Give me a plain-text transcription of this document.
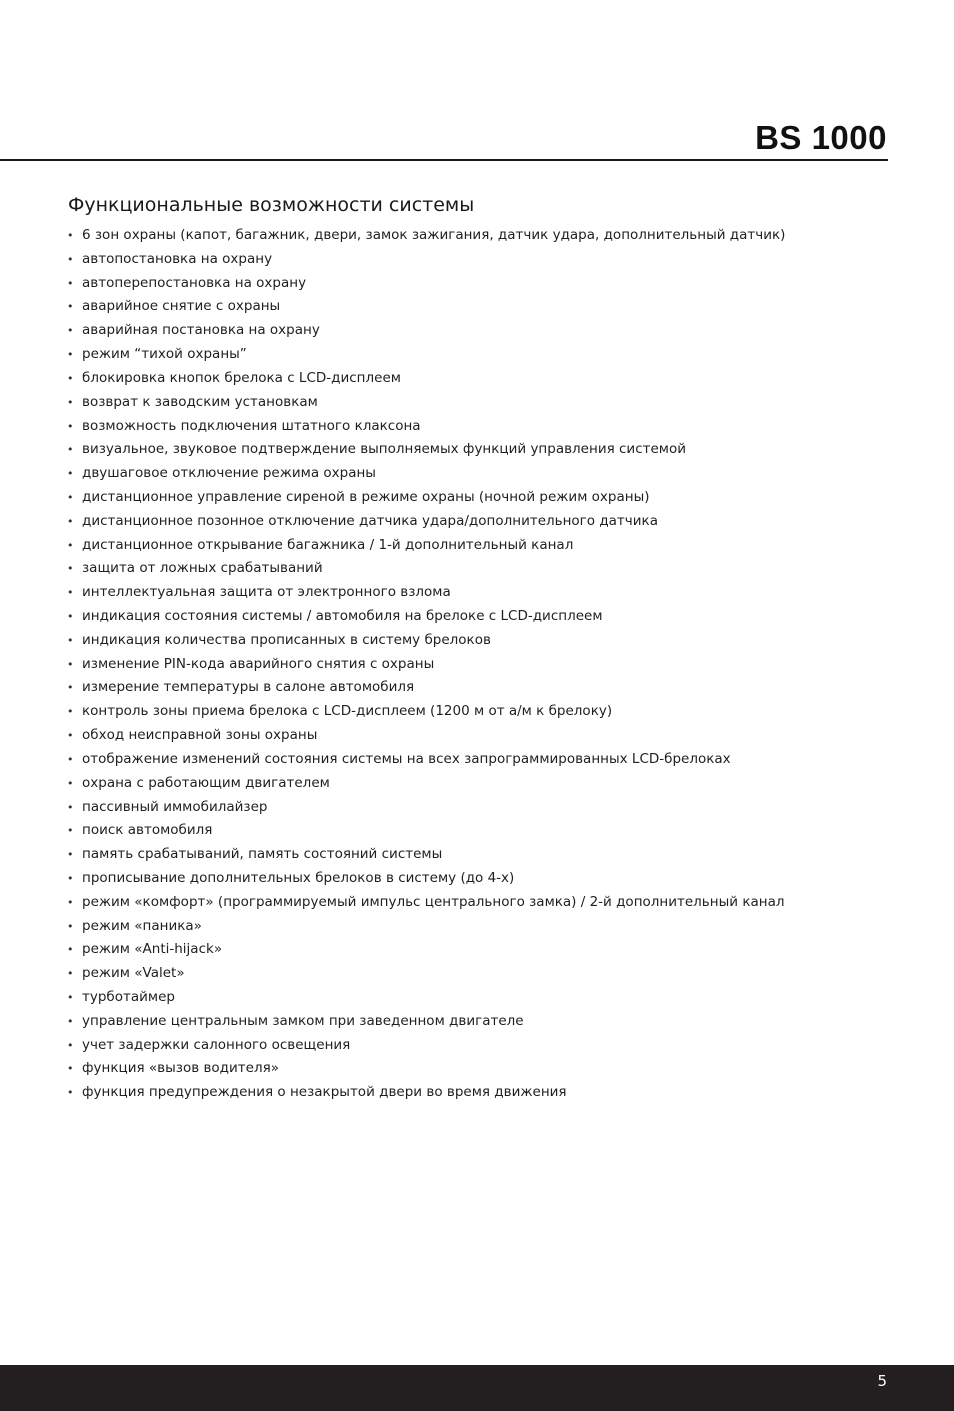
BS 1000
Функциональные возможности системы
• 6 зон охраны (капот, багажник, двери, замок зажигания, датчик удара, дополнительный датчик)
• автопостановка на охрану
• автоперепостановка на охрану
• аварийное снятие с охраны
• аварийная постановка на охрану
• режим “тихой охраны”
• блокировка кнопок брелока с LCD-дисплеем
• возврат к заводским установкам
• возможность подключения штатного клаксона
• визуальное, звуковое подтверждение выполняемых функций управления системой
• двушаговое отключение режима охраны
• дистанционное управление сиреной в режиме охраны (ночной режим охраны)
• дистанционное позонное отключение датчика удара/дополнительного датчика
• дистанционное открывание багажника / 1-й дополнительный канал
• защита от ложных срабатываний
• интеллектуальная защита от электронного взлома
• индикация состояния системы / автомобиля на брелоке с LCD-дисплеем
• индикация количества прописанных в систему брелоков
• изменение PIN-кода аварийного снятия с охраны
• измерение температуры в салоне автомобиля
• контроль зоны приема брелока с LCD-дисплеем (1200 м от а/м к брелоку)
• обход неисправной зоны охраны
• отображение изменений состояния системы на всех запрограммированных LCD-брелоках
• охрана с работающим двигателем
• пассивный иммобилайзер
• поиск автомобиля
• память срабатываний, память состояний системы
• прописывание дополнительных брелоков в систему (до 4-х)
• режим «комфорт» (программируемый импульс центрального замка) / 2-й дополнительный канал
• режим «паника»
• режим «Anti-hijack»
• режим «Valet»
• турботаймер
• управление центральным замком при заведенном двигателе
• учет задержки салонного освещения
• функция «вызов водителя»
• функция предупреждения о незакрытой двери во время движения
5
